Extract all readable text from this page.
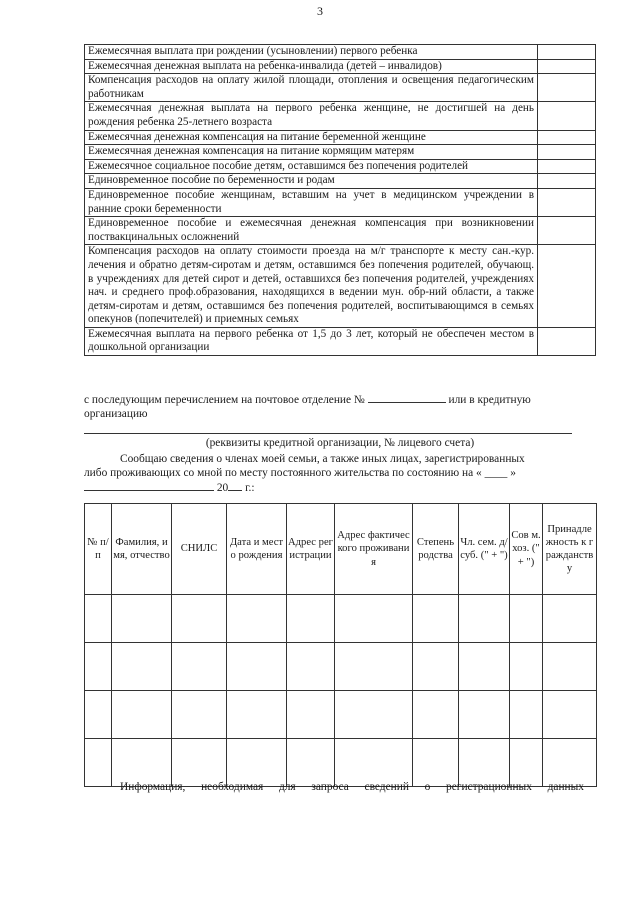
3
Ежемесячная выплата при рождении (усыновлении) первого ребенка	
Ежемесячная денежная выплата на ребенка-инвалида (детей – инвалидов)	
Компенсация расходов на оплату жилой площади, отопления и освещения педагогическим работникам	
Ежемесячная денежная выплата на первого ребенка женщине, не достигшей на день рождения ребенка 25-летнего возраста	
Ежемесячная денежная компенсация на питание беременной женщине	
Ежемесячная денежная компенсация на питание кормящим матерям	
Ежемесячное социальное пособие детям, оставшимся без попечения родителей	
Единовременное пособие по беременности и родам	
Единовременное пособие женщинам, вставшим на учет в медицинском учреждении в ранние сроки беременности	
Единовременное пособие и ежемесячная денежная компенсация при возникновении поствакцинальных осложнений	
Компенсация расходов на оплату стоимости проезда на м/г транспорте к месту сан.-кур. лечения и обратно детям-сиротам и детям, оставшимся без попечения родителей, обучающ. в учреждениях для детей сирот и детей, оставшихся без попечения родителей, учреждениях нач. и среднего проф.образования, находящихся в ведении мун. обр-ний области, а также детям-сиротам и детям, оставшимся без попечения родителей, воспитывающимся в семьях опекунов (попечителей) и приемных семьях	
Ежемесячная выплата на первого ребенка от 1,5 до 3 лет, который не обеспечен местом в дошкольной организации	
с последующим перечислением на почтовое отделение №	или в кредитную организацию
(реквизиты кредитной организации, № лицевого счета)
Сообщаю сведения о членах моей семьи, а также иных лицах, зарегистрированных
либо проживающих со мной по месту постоянного жительства по состоянию на « ____ »
20 г.:
№ п/п	Фамилия, имя, отчество	СНИЛС	Дата и место рождения	Адрес регистрации	Адрес фактического проживания	Степень родства	Чл. сем. д/суб. (" + ")	Сов м. хоз. (" + ")	Принадлежность к гражданству

Информация, необходимая для запроса сведений о регистрационных данных
